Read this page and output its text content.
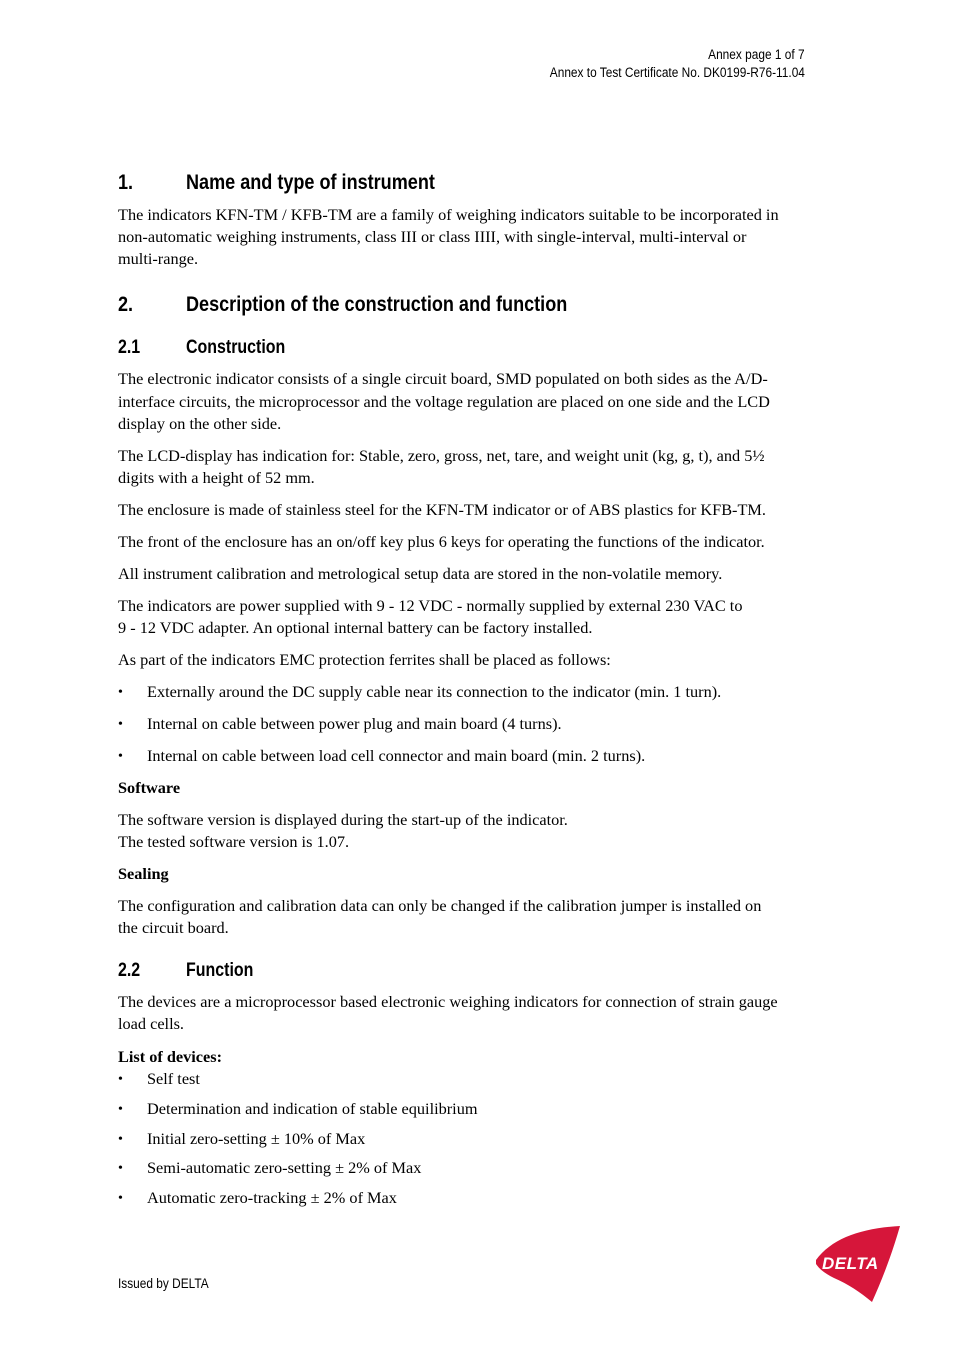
Annex page 1 of 7
Annex to Test Certificate No. DK0199-R76-11.04
1. Name and type of instrument
The indicators KFN-TM / KFB-TM are a family of weighing indicators suitable to be incorporated in
non-automatic weighing instruments, class III or class IIII, with single-interval, multi-interval or
multi-range.
2. Description of the construction and function
2.1 Construction
The electronic indicator consists of a single circuit board, SMD populated on both sides as the A/D-
interface circuits, the microprocessor and the voltage regulation are placed on one side and the LCD
display on the other side.
The LCD-display has indication for: Stable, zero, gross, net, tare, and weight unit (kg, g, t), and 5½
digits with a height of 52 mm.
The enclosure is made of stainless steel for the KFN-TM indicator or of ABS plastics for KFB-TM.
The front of the enclosure has an on/off key plus 6 keys for operating the functions of the indicator.
All instrument calibration and metrological setup data are stored in the non-volatile memory.
The indicators are power supplied with 9 - 12 VDC - normally supplied by external 230 VAC to
9 - 12 VDC adapter. An optional internal battery can be factory installed.
As part of the indicators EMC protection ferrites shall be placed as follows:
• Externally around the DC supply cable near its connection to the indicator (min. 1 turn).
• Internal on cable between power plug and main board (4 turns).
• Internal on cable between load cell connector and main board (min. 2 turns).
Software
The software version is displayed during the start-up of the indicator.
The tested software version is 1.07.
Sealing
The configuration and calibration data can only be changed if the calibration jumper is installed on
the circuit board.
2.2 Function
The devices are a microprocessor based electronic weighing indicators for connection of strain gauge
load cells.
List of devices:
• Self test
• Determination and indication of stable equilibrium
• Initial zero-setting ± 10% of Max
• Semi-automatic zero-setting ± 2% of Max
• Automatic zero-tracking ± 2% of Max
Issued by DELTA
DELTA
